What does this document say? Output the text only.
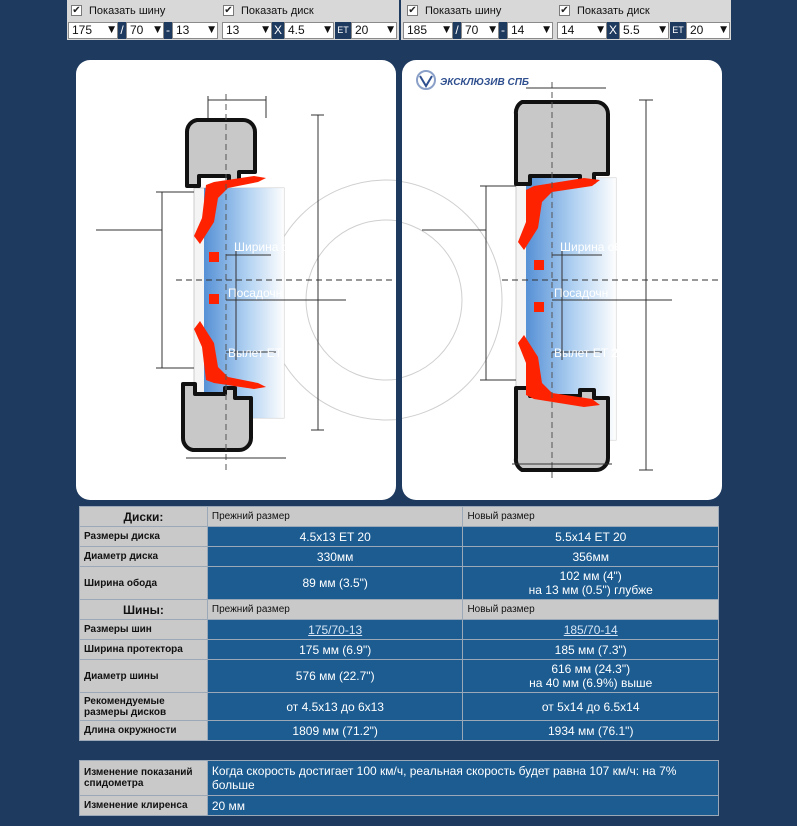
✔ Показать шину	✔ Показать диск
175 ▼ / 70 ▼ - 13 ▼ 13	▼ X 4.5 ▼ ET 20 ▼
✔ Показать шину	✔ Показать диск
185 ▼ / 70 ▼ - 14 ▼ 14	▼ X 5.5 ▼ ET 20 ▼
Ширина об
Посадочн
Вылет ET 20
на
ЭКСКЛЮЗИВ СПБ
Ширина об
Посадочн
Вылет ET 20
на
Диски:	Прежний размер	Новый размер
Размеры диска	4.5x13 ET 20	5.5x14 ET 20
Диаметр диска	330мм	356мм
Ширина обода	89 мм (3.5")	102 мм (4")
на 13 мм (0.5") глубже

Шины:	Прежний размер	Новый размер
Размеры шин	175/70-13	185/70-14
Ширина протектора	175 мм (6.9")	185 мм (7.3")
Диаметр шины	576 мм (22.7")	616 мм (24.3")
на 40 мм (6.9%) выше

Рекомендуемые размеры дисков	от 4.5x13 до 6x13	от 5x14 до 6.5x14
Длина окружности	1809 мм (71.2")	1934 мм (76.1")
Изменение показаний спидометра	Когда скорость достигает 100 км/ч, реальная скорость будет равна 107 км/ч: на 7% больше
Изменение клиренса	20 мм
